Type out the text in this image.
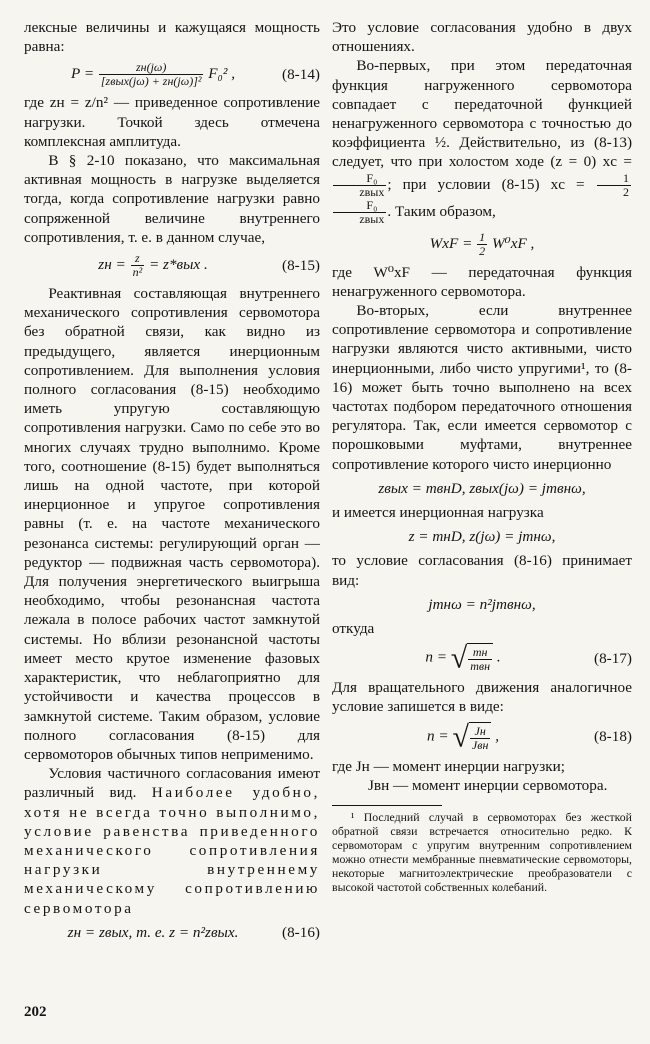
лексные величины и кажущаяся мощность равна:

$P = \frac{zн(j\omega)}{\text{[zвых(jω) + zн(jω)]²}} F_0^2$ ,	(8-14)

где zн = z/n² — приведенное сопротивление нагрузки. Точкой здесь отмечена комплексная амплитуда.

В § 2-10 показано, что максимальная активная мощность в нагрузке выделяется тогда, когда сопротивление нагрузки равно сопряженной величине внутреннего сопротивления, т. е. в данном случае,

zн = $\frac{z}{\text{n²}} = z*вых$ .	(8-15)

Реактивная составляющая внутреннего механического сопротивления сервомотора без обратной связи, как видно из предыдущего, является инерционным сопротивлением. Для выполнения условия полного согласования (8-15) необходимо иметь упругую составляющую сопротивления нагрузки. Само по себе это во многих случаях трудно выполнимо. Кроме того, соотношение (8-15) будет выполняться лишь на одной частоте, при которой инерционное и упругое сопротивления равны (т. е. на частоте механического резонанса системы: регулирующий орган — редуктор — подвижная часть сервомотора). Для получения энергетического выигрыша необходимо, чтобы резонансная частота лежала в полосе рабочих частот замкнутой системы. Но вблизи резонансной частоты имеет место крутое изменение фазовых характеристик, что неблагоприятно для устойчивости и качества процессов в замкнутой системе. Таким образом, условие полного согласования (8-15) для сервомоторов обычных типов неприменимо.

Условия частичного согласования имеют различный вид. Наиболее удобно, хотя не всегда точно выполнимо, условие равенства приведенного механического сопротивления нагрузки внутреннему механическому сопротивлению сервомотора

zн = zвых, т. е. z = n²zвых.	(8-16)

Это условие согласования удобно в двух отношениях.

Во-первых, при этом передаточная функция нагруженного сервомотора совпадает с передаточной функцией ненагруженного сервомотора с точностью до коэффициента ½. Действительно, из (8-13) следует, что при холостом ходе (z = 0) xc =
$\frac{\text{F₀}}{\text{zвых}}$ ; при условии (8-15) xc = $\frac{1}{2}$

$\frac{\text{F₀}}{\text{zвых}}$ . Таким образом,

WxF = $\frac{1}{2} W^0xF$ ,

где W⁰xF — передаточная функция ненагруженного сервомотора.

Во-вторых, если внутреннее сопротивление сервомотора и сопротивление нагрузки являются чисто активными, чисто инерционными, либо чисто упругими¹, то (8-16) может быть точно выполнено на всех частотах подбором передаточного отношения регулятора. Так, если имеется сервомотор с порошковыми муфтами, внутреннее сопротивление которого чисто инерционно

zвых = mвнD, zвых(jω) = jmвнω,

и имеется инерционная нагрузка

z = mнD, z(jω) = jmнω,

то условие согласования (8-16) принимает вид:

jmнω = n²jmвнω,

откуда

n = √ $\frac{mн}{\text{mвн}}$ .	(8-17)

Для вращательного движения аналогичное условие запишется в виде:

n = √ $\frac{Jн}{\text{Jвн}}$ ,	(8-18)

где Jн — момент инерции нагрузки;

Jвн — момент инерции сервомотора.

¹ Последний случай в сервомоторах без жесткой обратной связи встречается относительно редко. К сервомоторам с упругим внутренним сопротивлением можно отнести мембранные пневматические сервомоторы, некоторые магнитоэлектрические преобразователи с высокой частотой собственных колебаний.

202
